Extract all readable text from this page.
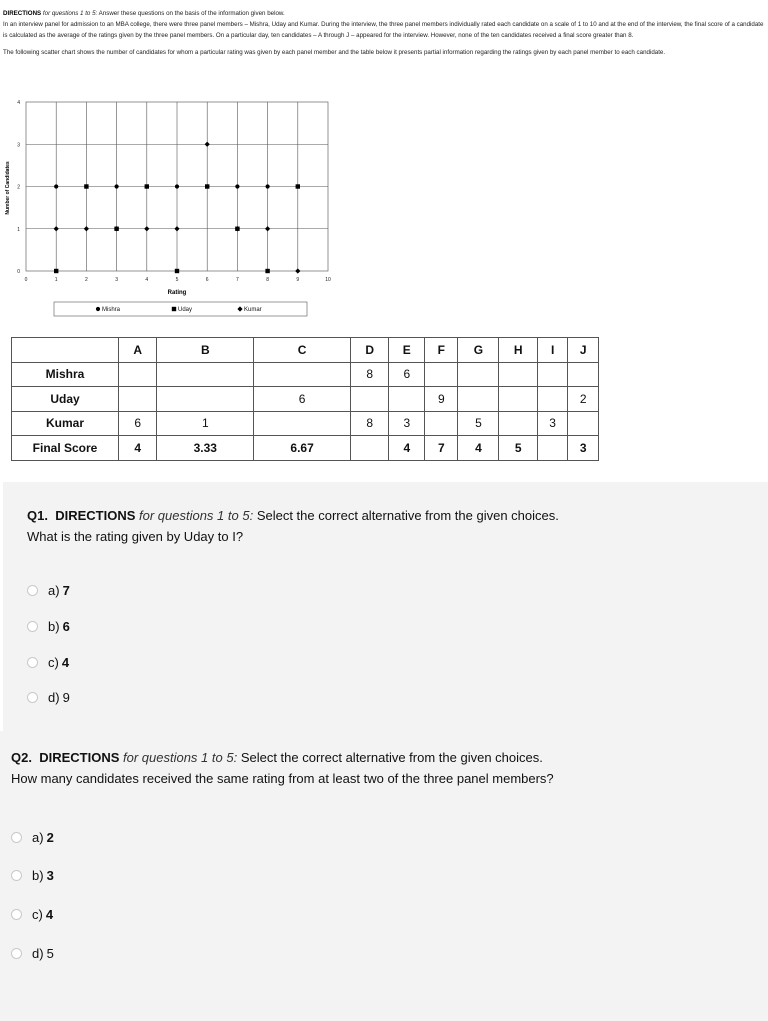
DIRECTIONS for questions 1 to 5: Answer these questions on the basis of the information given below.

In an interview panel for admission to an MBA college, there were three panel members – Mishra, Uday and Kumar. During the interview, the three panel members individually rated each candidate on a scale of 1 to 10 and at the end of the interview, the final score of a candidate is calculated as the average of the ratings given by the three panel members. On a particular day, ten candidates – A through J – appeared for the interview. However, none of the ten candidates received a final score greater than 8.

The following scatter chart shows the number of candidates for whom a particular rating was given by each panel member and the table below it presents partial information regarding the ratings given by each panel member to each candidate.

0	1	2	3	4	5	6	7	8	9	10
0
1
2
3
4
Rating
Number of Candidates
Mishra	Uday	Kumar
	A	B	C	D	E	F	G	H	I	J
Mishra				8	6					
Uday			6			9				2
Kumar	6	1		8	3		5		3	
Final Score	4	3.33	6.67		4	7	4	5		3
Q1. DIRECTIONS for questions 1 to 5: Select the correct alternative from the given choices.
What is the rating given by Uday to I?
a) 7
b) 6
c) 4
d) 9
Q2. DIRECTIONS for questions 1 to 5: Select the correct alternative from the given choices.
How many candidates received the same rating from at least two of the three panel members?
a) 2
b) 3
c) 4
d) 5
